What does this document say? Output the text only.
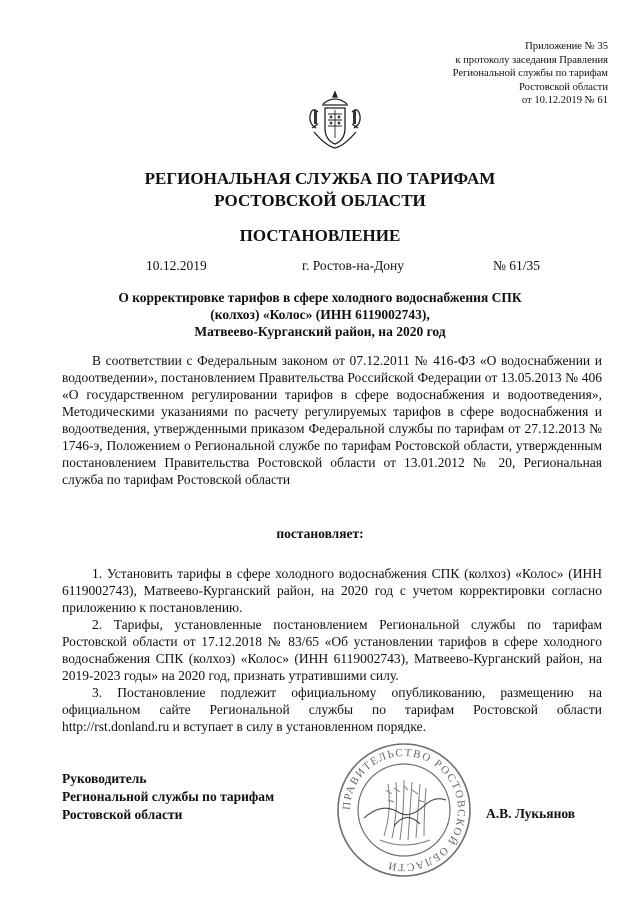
Приложение № 35
к протоколу заседания Правления
Региональной службы по тарифам
Ростовской области
от 10.12.2019 № 61
РЕГИОНАЛЬНАЯ СЛУЖБА ПО ТАРИФАМ
РОСТОВСКОЙ ОБЛАСТИ
ПОСТАНОВЛЕНИЕ
10.12.2019	г. Ростов-на-Дону	№ 61/35
О корректировке тарифов в сфере холодного водоснабжения СПК
(колхоз) «Колос» (ИНН 6119002743),
Матвеево-Курганский район, на 2020 год

В соответствии с Федеральным законом от 07.12.2011 № 416-ФЗ «О водоснабжении и водоотведении», постановлением Правительства Российской Федерации от 13.05.2013 № 406 «О государственном регулировании тарифов в сфере водоснабжения и водоотведения», Методическими указаниями по расчету регулируемых тарифов в сфере водоснабжения и водоотведения, утвержденными приказом Федеральной службы по тарифам от 27.12.2013 № 1746-э, Положением о Региональной службе по тарифам Ростовской области, утвержденным постановлением Правительства Ростовской области от 13.01.2012 № 20, Региональная служба по тарифам Ростовской области

постановляет:

1. Установить тарифы в сфере холодного водоснабжения СПК (колхоз) «Колос» (ИНН 6119002743), Матвеево-Курганский район, на 2020 год с учетом корректировки согласно приложению к постановлению.

2. Тарифы, установленные постановлением Региональной службы по тарифам Ростовской области от 17.12.2018 № 83/65 «Об установлении тарифов в сфере холодного водоснабжения СПК (колхоз) «Колос» (ИНН 6119002743), Матвеево-Курганский район, на 2019-2023 годы» на 2020 год, признать утратившими силу.

3. Постановление подлежит официальному опубликованию, размещению на официальном сайте Региональной службы по тарифам Ростовской области http://rst.donland.ru и вступает в силу в установленном порядке.

Руководитель
Региональной службы по тарифам
Ростовской области
ПРАВИТЕЛЬСТВО РОСТОВСКОЙ ОБЛАСТИ
А.В. Лукьянов
